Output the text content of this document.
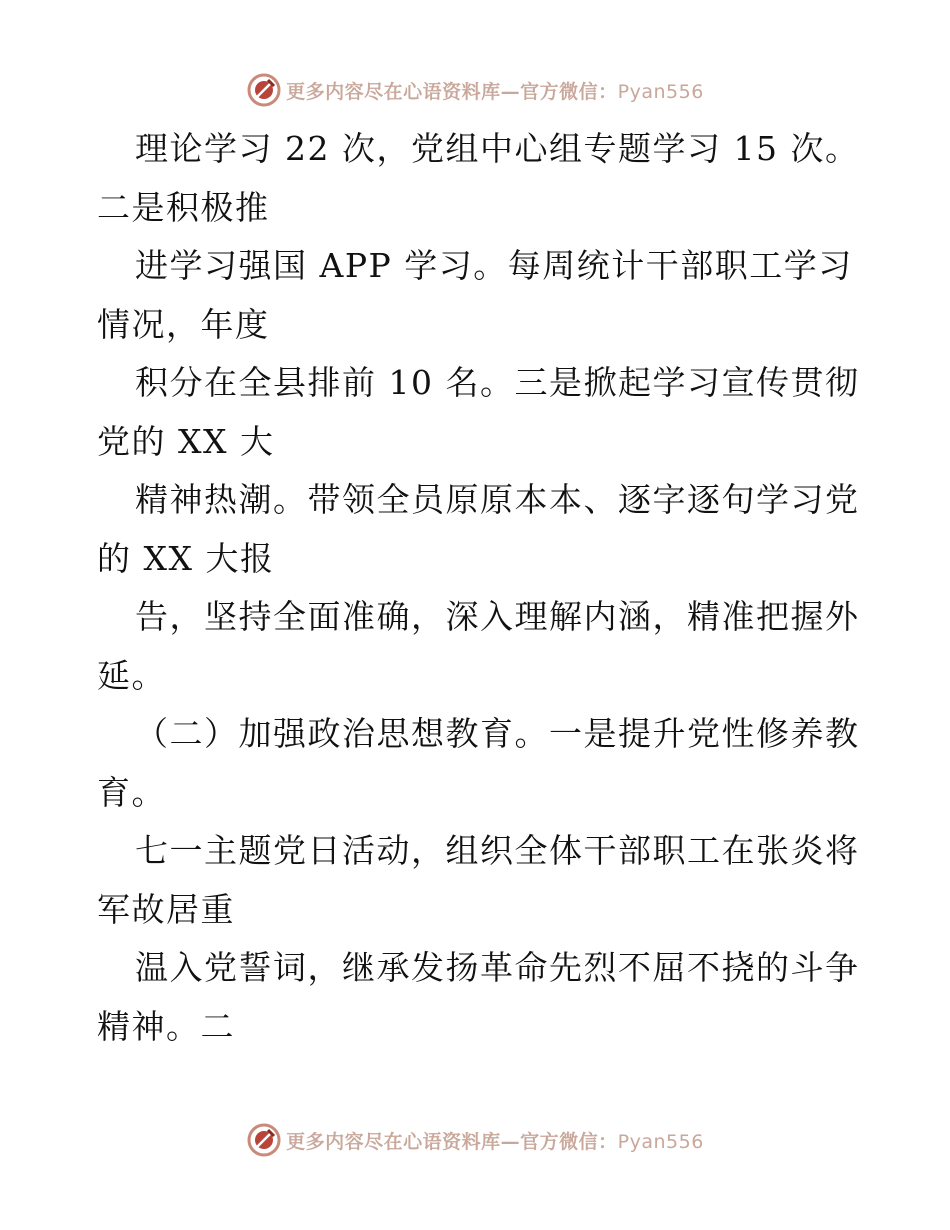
更多内容尽在心语资料库—官方微信：Pyan556
理论学习 22 次，党组中心组专题学习 15 次。
二是积极推
进学习强国 APP 学习。每周统计干部职工学习
情况，年度
积分在全县排前 10 名。三是掀起学习宣传贯彻
党的 XX 大
精神热潮。带领全员原原本本、逐字逐句学习党
的 XX 大报
告，坚持全面准确，深入理解内涵，精准把握外
延。
（二）加强政治思想教育。一是提升党性修养教
育。
七一主题党日活动，组织全体干部职工在张炎将
军故居重
温入党誓词，继承发扬革命先烈不屈不挠的斗争
精神。二
更多内容尽在心语资料库—官方微信：Pyan556
